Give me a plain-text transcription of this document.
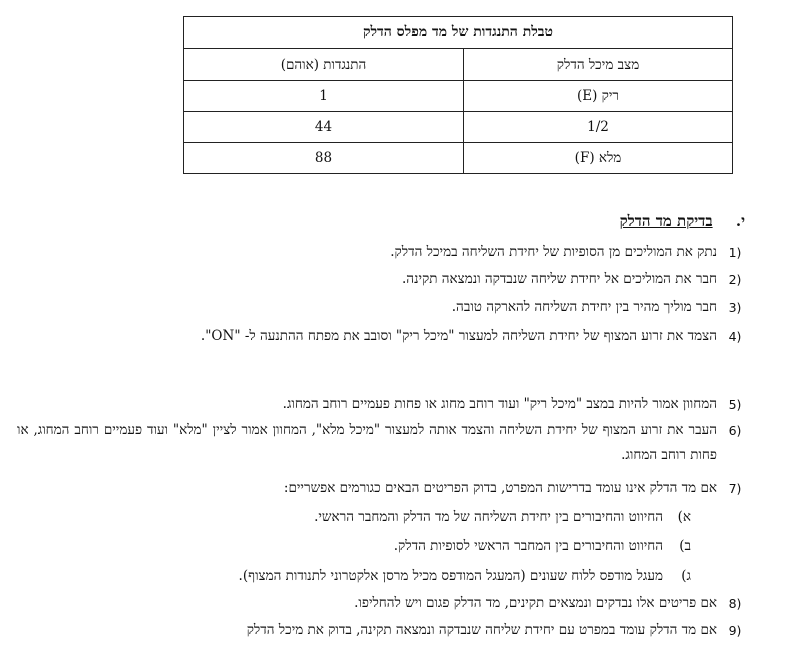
טבלת התנגדות של מד מפלס הדלק	
מצב מיכל הדלק	התנגדות (אוהם)
ריק (E)	1
1/2	44
מלא (F)	88
י. בדיקת מד הדלק
1)
נתק את המוליכים מן הסופיות של יחידת השליחה במיכל הדלק.
2)
חבר את המוליכים אל יחידת שליחה שנבדקה ונמצאה תקינה.
3)
חבר מוליך מהיר בין יחידת השליחה להארקה טובה.
4)
הצמד את זרוע המצוף של יחידת השליחה למעצור "מיכל ריק" וסובב את מפתח ההתנעה ל- "ON".
5)
המחוון אמור להיות במצב "מיכל ריק" ועוד רוחב מחוג או פחות פעמיים רוחב המחוג.
6)
העבר את זרוע המצוף של יחידת השליחה והצמד אותה למעצור "מיכל מלא", המחוון אמור לציין "מלא" ועוד פעמיים רוחב המחוג, או פחות רוחב המחוג.
7)
אם מד הדלק אינו עומד בדרישות המפרט, בדוק הפריטים הבאים כגורמים אפשריים:
א)
החיווט והחיבורים בין יחידת השליחה של מד הדלק והמחבר הראשי.
ב)
החיווט והחיבורים בין המחבר הראשי לסופיות הדלק.
ג)
מעגל מודפס ללוח שעונים (המעגל המודפס מכיל מרסן אלקטרוני לתנודות המצוף).
8)
אם פריטים אלו נבדקים ונמצאים תקינים, מד הדלק פגום ויש להחליפו.
9)
אם מד הדלק עומד במפרט עם יחידת שליחה שנבדקה ונמצאה תקינה, בדוק את מיכל הדלק
